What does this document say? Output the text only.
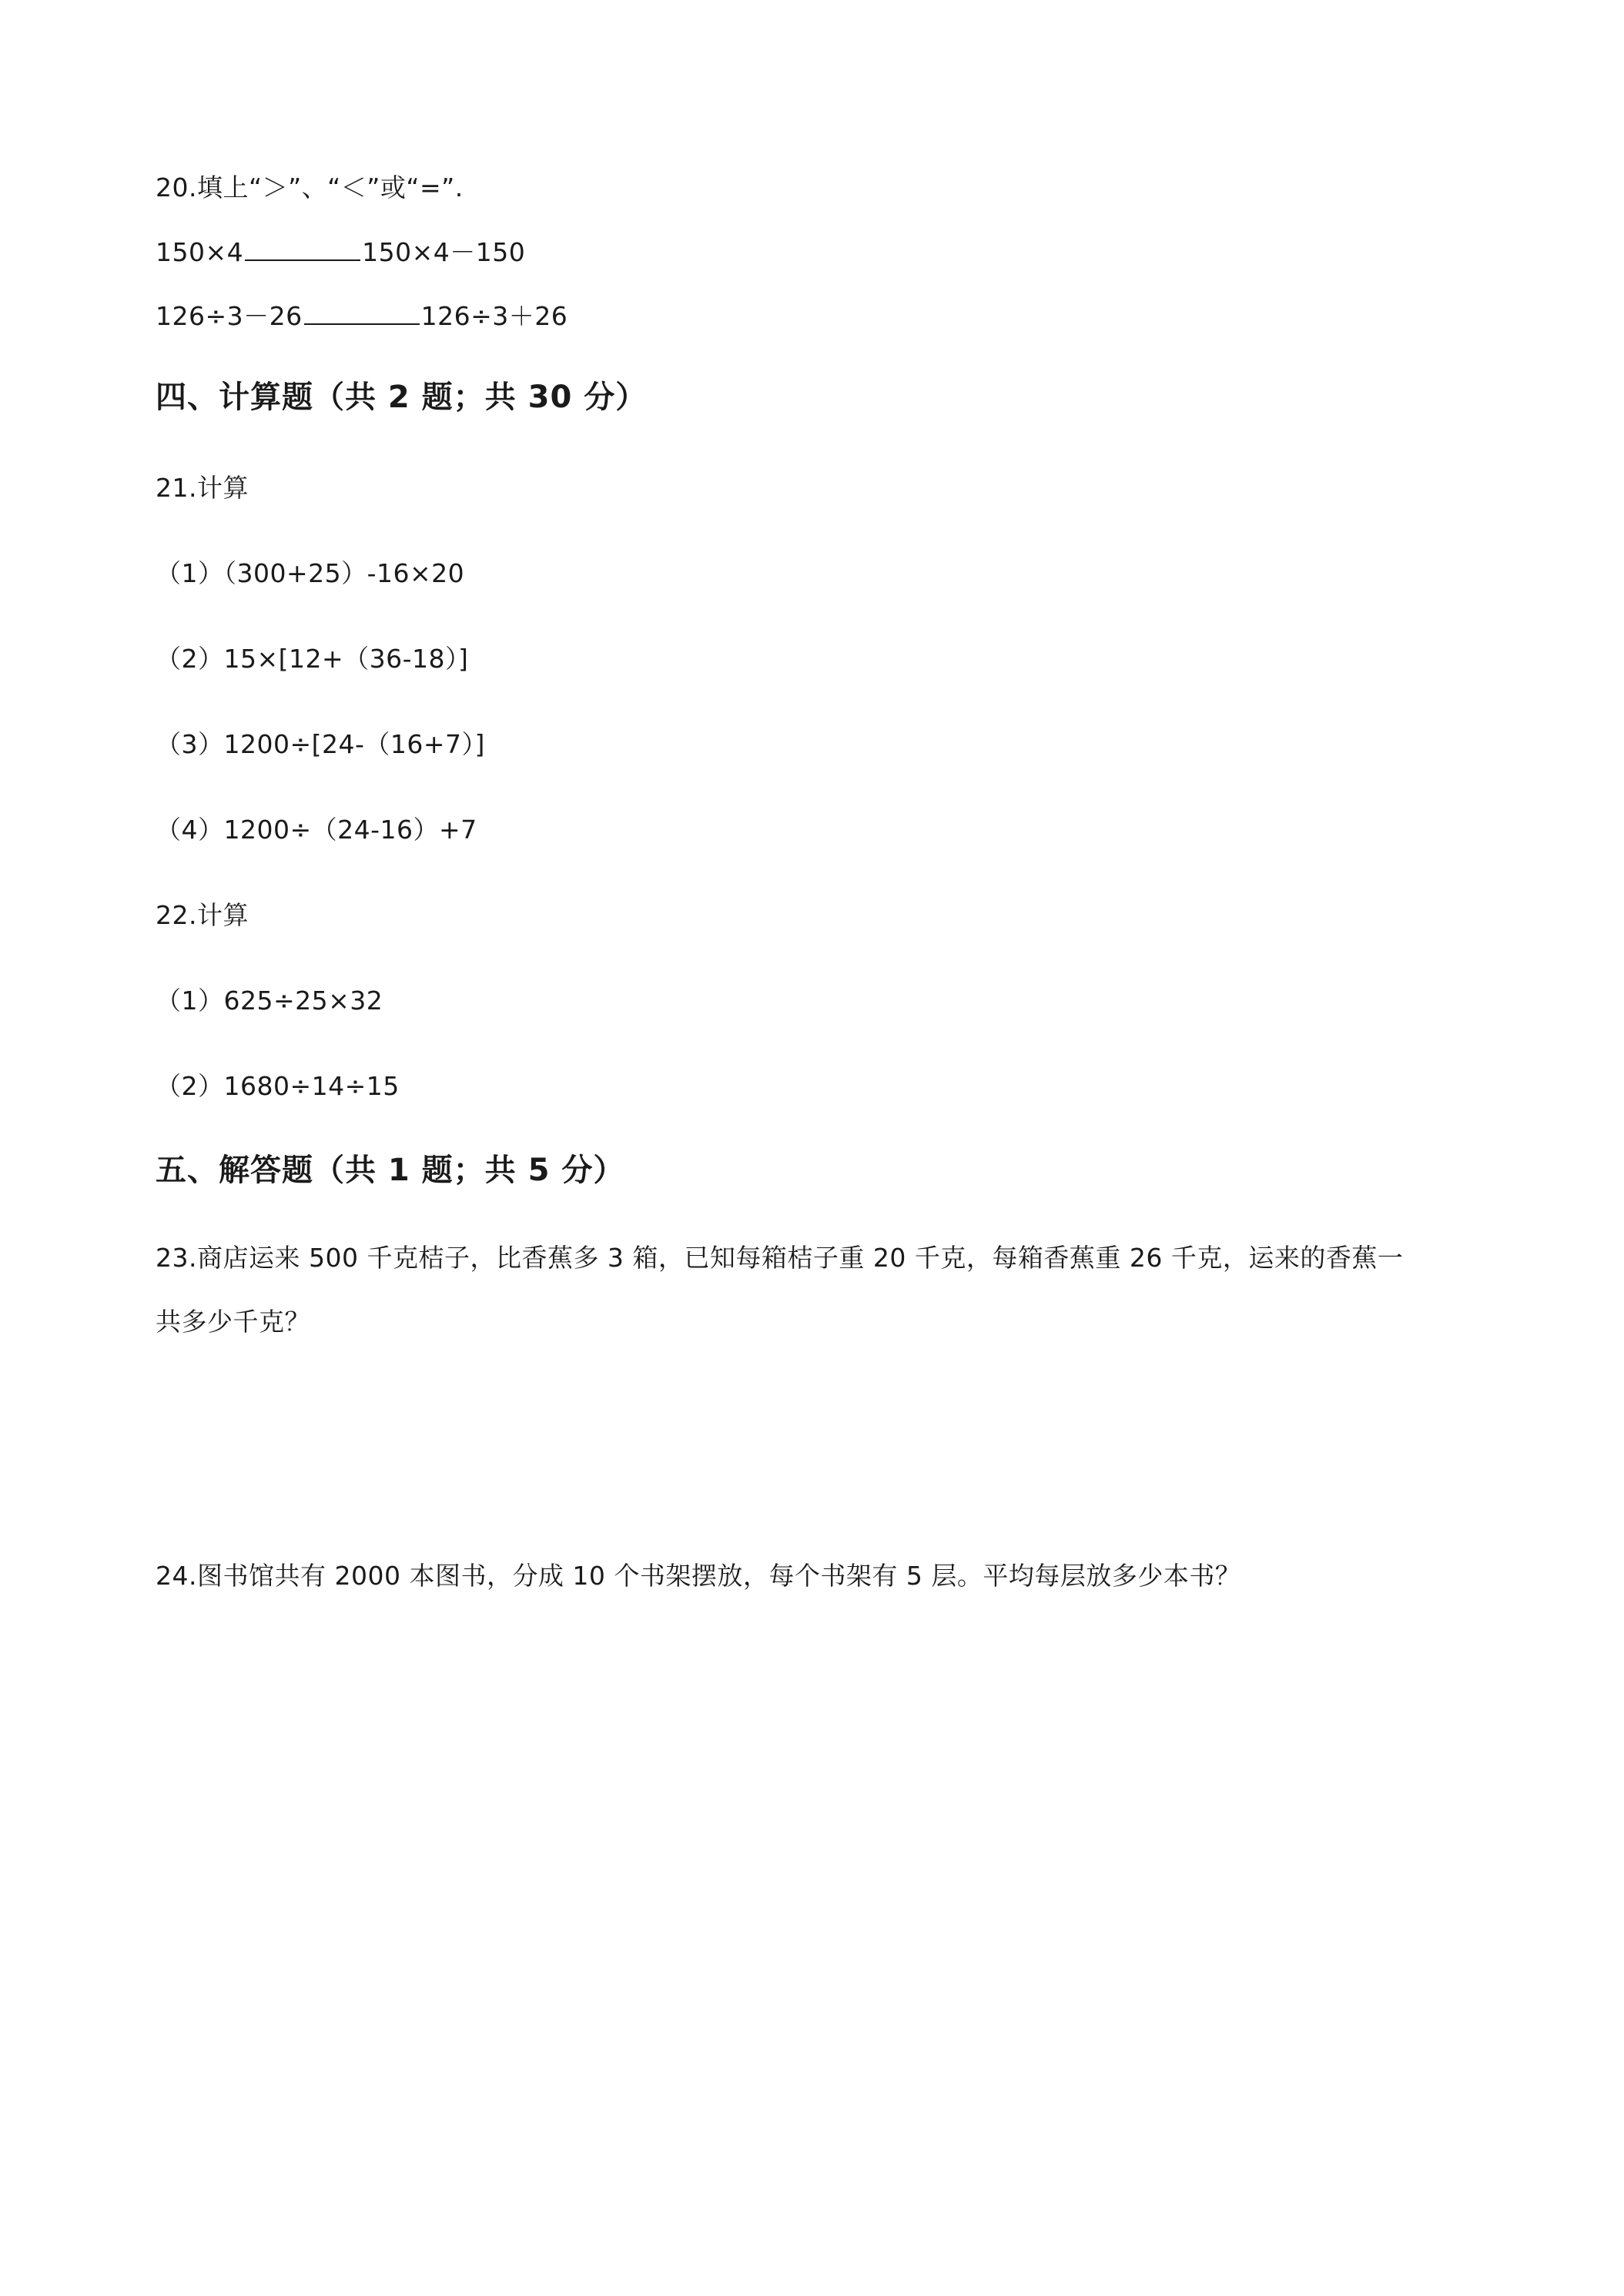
20.填上“＞”、“＜”或“=”.
150×4	150×4－150
126÷3－26	126÷3＋26
四、计算题（共 2 题；共 30 分）
21.计算
（1）（300+25）-16×20
（2）15×[12+（36-18）]
（3）1200÷[24-（16+7）]
（4）1200÷（24-16）+7
22.计算
（1）625÷25×32
（2）1680÷14÷15
五、解答题（共 1 题；共 5 分）
23.商店运来 500 千克桔子，比香蕉多 3 箱，已知每箱桔子重 20 千克，每箱香蕉重 26 千克，运来的香蕉一
共多少千克？
24.图书馆共有 2000 本图书，分成 10 个书架摆放，每个书架有 5 层。平均每层放多少本书？
